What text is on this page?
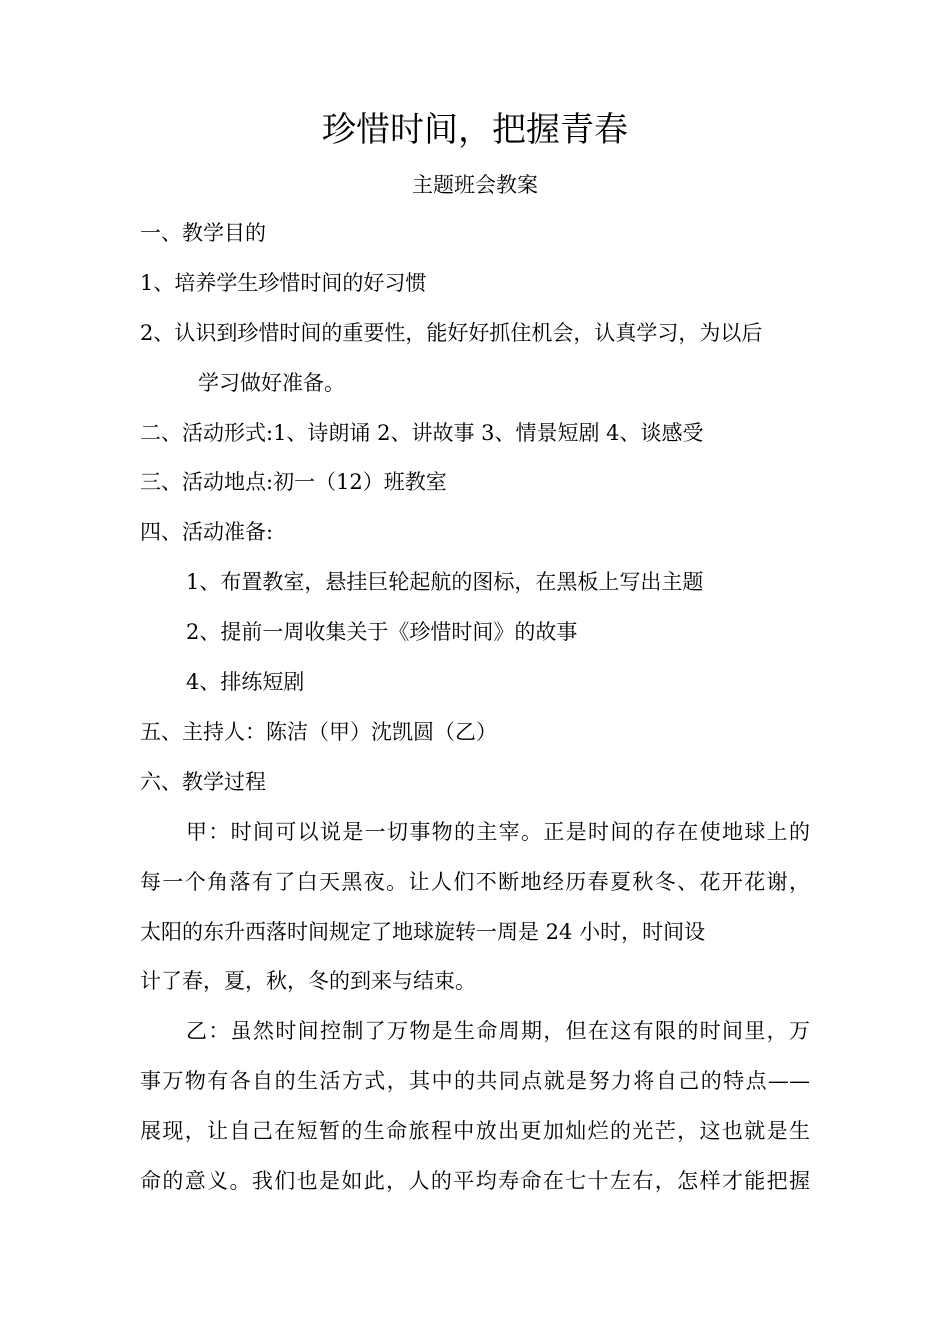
珍惜时间，把握青春
主题班会教案
一、教学目的
1、培养学生珍惜时间的好习惯
2、认识到珍惜时间的重要性，能好好抓住机会，认真学习，为以后
学习做好准备。
二、活动形式:1、诗朗诵 2、讲故事 3、情景短剧 4、谈感受
三、活动地点:初一（12）班教室
四、活动准备:
1、布置教室，悬挂巨轮起航的图标，在黑板上写出主题
2、提前一周收集关于《珍惜时间》的故事
4、排练短剧
五、主持人：陈洁（甲）沈凯圆（乙）
六、教学过程
甲：时间可以说是一切事物的主宰。正是时间的存在使地球上的
每一个角落有了白天黑夜。让人们不断地经历春夏秋冬、花开花谢，
太阳的东升西落时间规定了地球旋转一周是 24 小时，时间设
计了春，夏，秋，冬的到来与结束。
乙：虽然时间控制了万物是生命周期，但在这有限的时间里，万
事万物有各自的生活方式，其中的共同点就是努力将自己的特点——
展现，让自己在短暂的生命旅程中放出更加灿烂的光芒，这也就是生
命的意义。我们也是如此，人的平均寿命在七十左右，怎样才能把握
